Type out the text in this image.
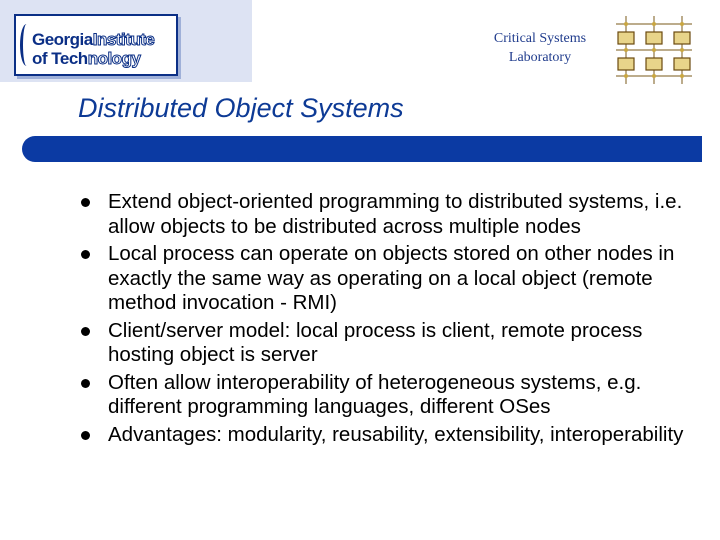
GeorgiaInstitute
of Technology
Critical Systems
Laboratory
Distributed Object Systems
Extend object-oriented programming to distributed systems, i.e. allow objects to be distributed across multiple nodes
Local process can operate on objects stored on other nodes in exactly the same way as operating on a local object (remote method invocation - RMI)
Client/server model: local process is client, remote process hosting object is server
Often allow interoperability of heterogeneous systems, e.g. different programming languages, different OSes
Advantages: modularity, reusability, extensibility, interoperability
